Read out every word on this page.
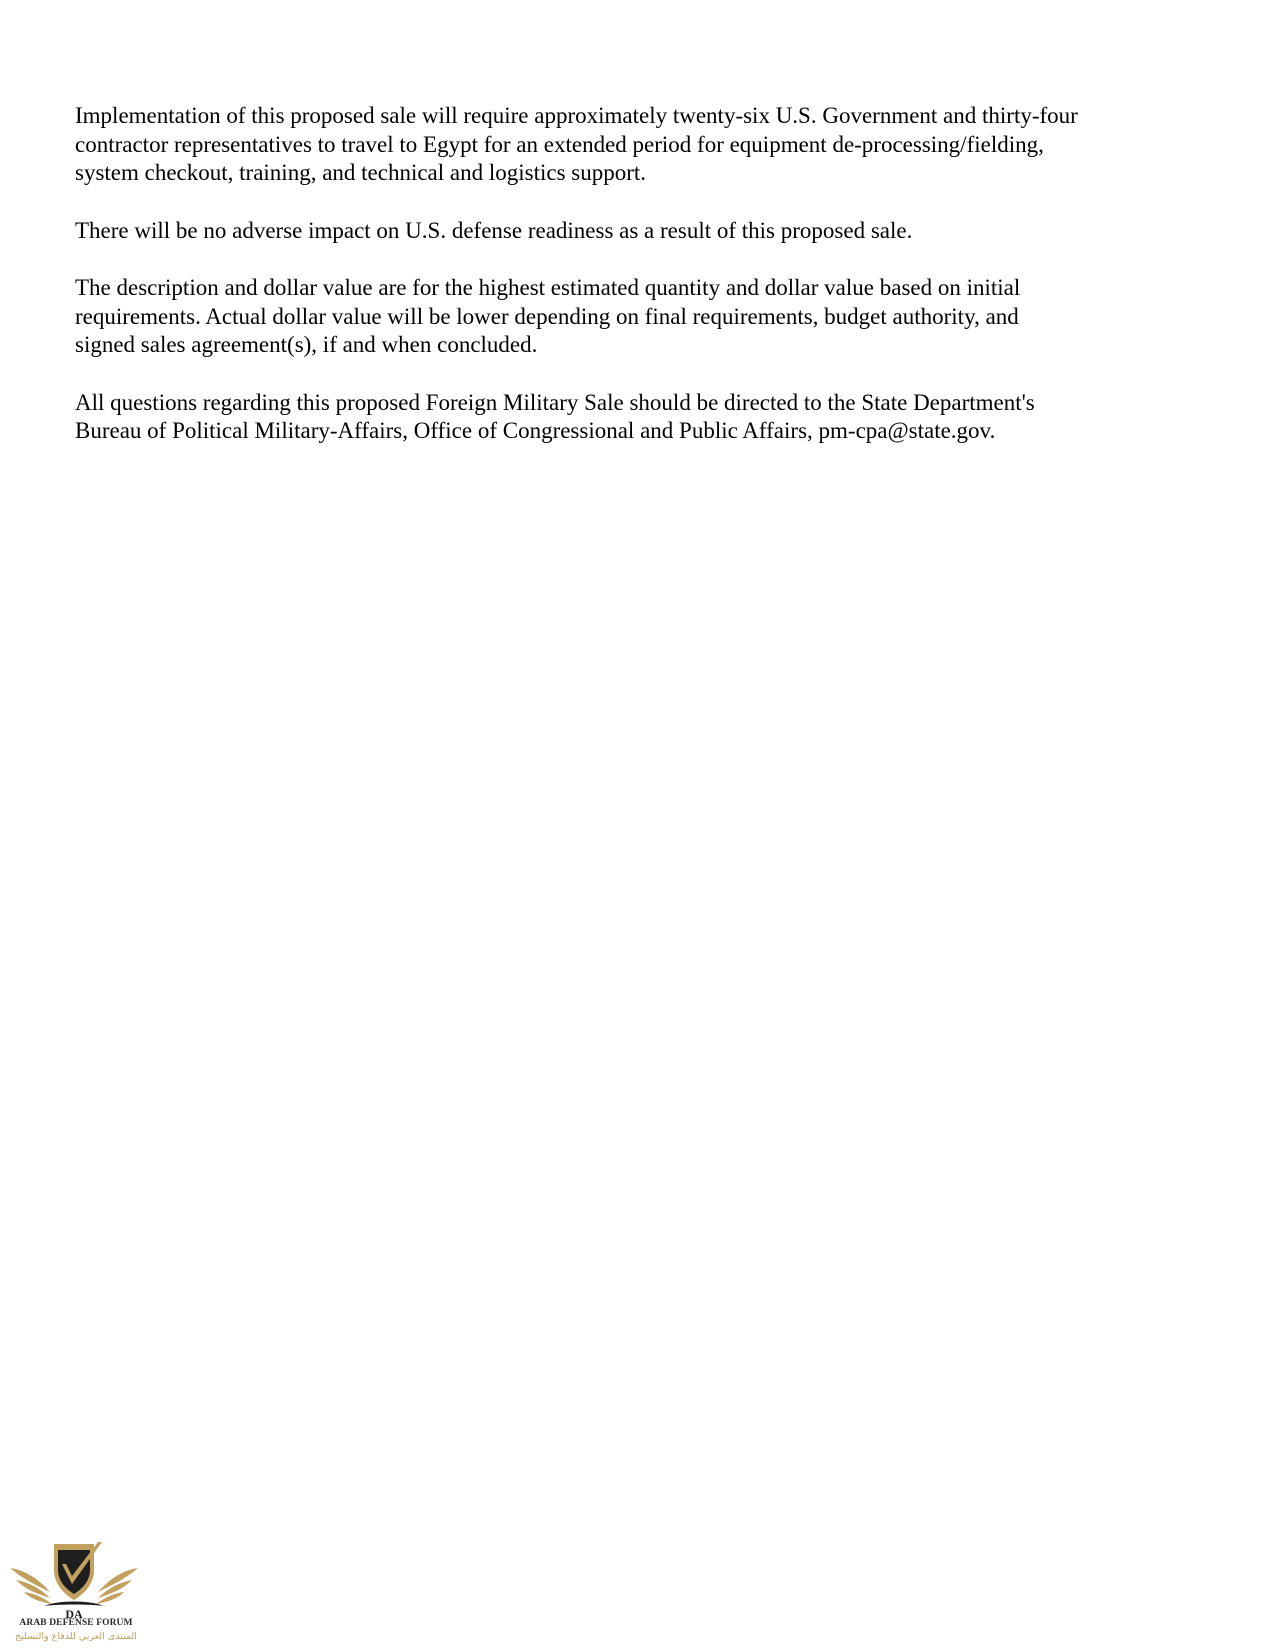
Implementation of this proposed sale will require approximately twenty-six U.S. Government and thirty-four
contractor representatives to travel to Egypt for an extended period for equipment de-processing/fielding,
system checkout, training, and technical and logistics support.

There will be no adverse impact on U.S. defense readiness as a result of this proposed sale.

The description and dollar value are for the highest estimated quantity and dollar value based on initial
requirements. Actual dollar value will be lower depending on final requirements, budget authority, and
signed sales agreement(s), if and when concluded.

All questions regarding this proposed Foreign Military Sale should be directed to the State Department's
Bureau of Political Military-Affairs, Office of Congressional and Public Affairs, pm-cpa@state.gov.

DA
ARAB DEFENSE FORUM
المنتدى العربي للدفاع والتسليح
